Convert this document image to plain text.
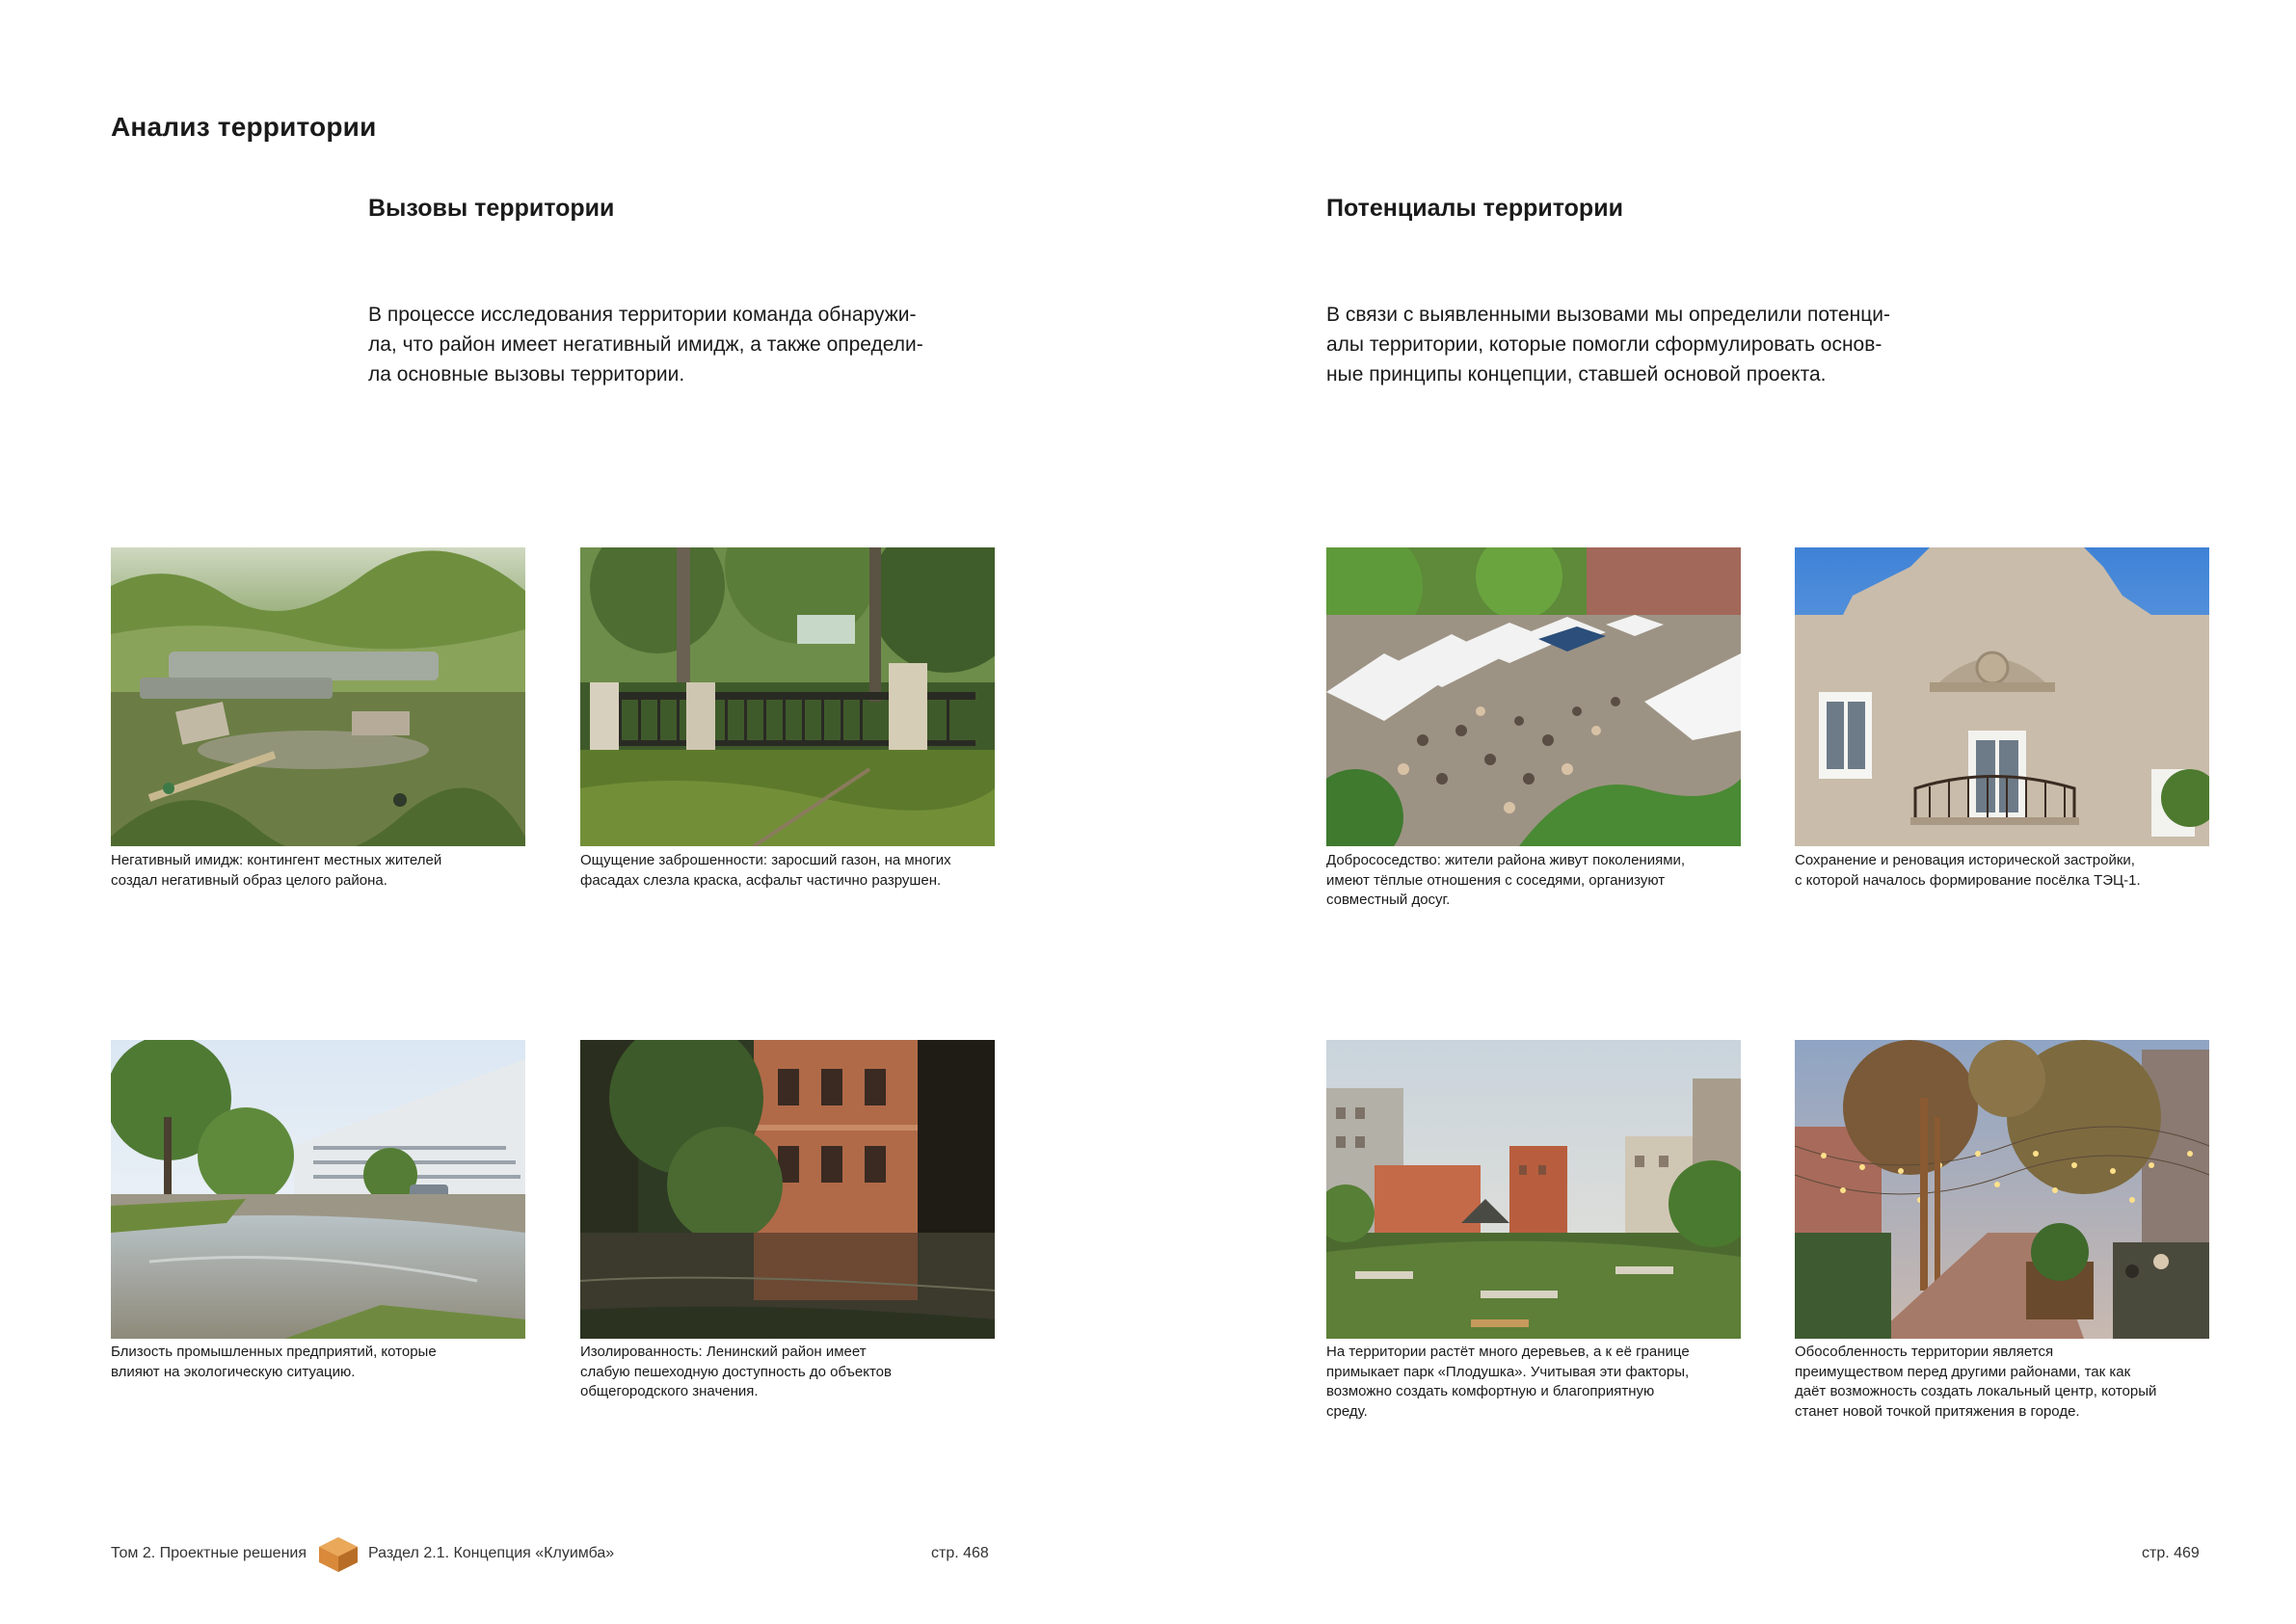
Анализ территории
Вызовы территории	Потенциалы территории

В процессе исследования территории команда обнаружи-
ла, что район имеет негативный имидж, а также определи-
ла основные вызовы территории.

В связи с выявленными вызовами мы определили потенци-
алы территории, которые помогли сформулировать основ-
ные принципы концепции, ставшей основой проекта.

Негативный имидж: контингент местных жителей
создал негативный образ целого района.

Ощущение заброшенности: заросший газон, на многих
фасадах слезла краска, асфальт частично разрушен.

Близость промышленных предприятий, которые
влияют на экологическую ситуацию.

Изолированность: Ленинский район имеет
слабую пешеходную доступность до объектов
общегородского значения.

Добрососедство: жители района живут поколениями,
имеют тёплые отношения с соседями, организуют
совместный досуг.

Сохранение и реновация исторической застройки,
с которой началось формирование посёлка ТЭЦ-1.

На территории растёт много деревьев, а к её границе
примыкает парк «Плодушка». Учитывая эти факторы,
возможно создать комфортную и благоприятную
среду.

Обособленность территории является
преимуществом перед другими районами, так как
даёт возможность создать локальный центр, который
станет новой точкой притяжения в городе.

Том 2. Проектные решения	Раздел 2.1. Концепция «Клуимба»	стр. 468	стр. 469
